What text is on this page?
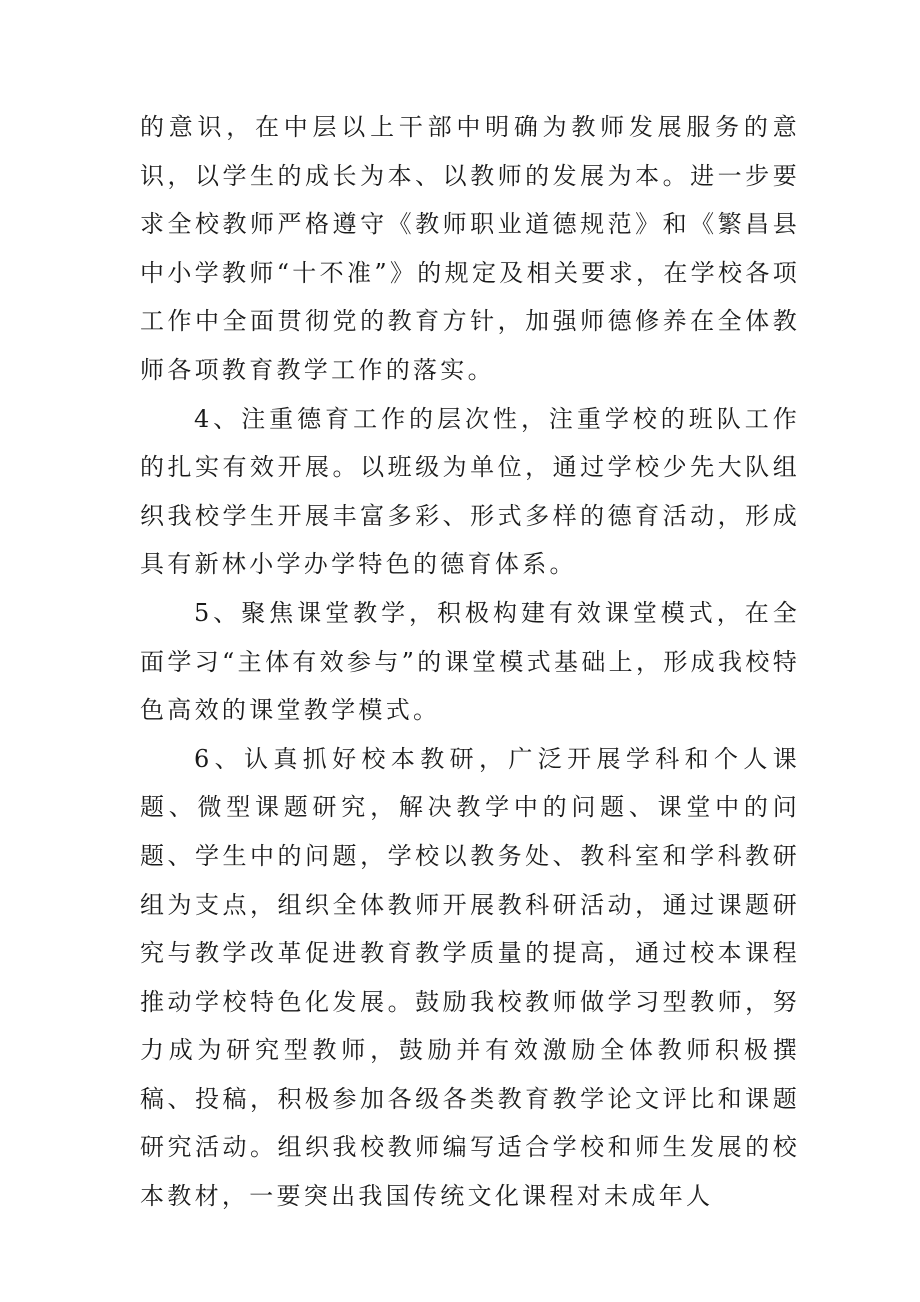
的意识，在中层以上干部中明确为教师发展服务的意识，以学生的成长为本、以教师的发展为本。进一步要求全校教师严格遵守《教师职业道德规范》和《繁昌县中小学教师“十不准”》的规定及相关要求，在学校各项工作中全面贯彻党的教育方针，加强师德修养在全体教师各项教育教学工作的落实。

4、注重德育工作的层次性，注重学校的班队工作的扎实有效开展。以班级为单位，通过学校少先大队组织我校学生开展丰富多彩、形式多样的德育活动，形成具有新林小学办学特色的德育体系。

5、聚焦课堂教学，积极构建有效课堂模式，在全面学习“主体有效参与”的课堂模式基础上，形成我校特色高效的课堂教学模式。

6、认真抓好校本教研，广泛开展学科和个人课题、微型课题研究，解决教学中的问题、课堂中的问题、学生中的问题，学校以教务处、教科室和学科教研组为支点，组织全体教师开展教科研活动，通过课题研究与教学改革促进教育教学质量的提高，通过校本课程推动学校特色化发展。鼓励我校教师做学习型教师，努力成为研究型教师，鼓励并有效激励全体教师积极撰稿、投稿，积极参加各级各类教育教学论文评比和课题研究活动。组织我校教师编写适合学校和师生发展的校本教材，一要突出我国传统文化课程对未成年人
